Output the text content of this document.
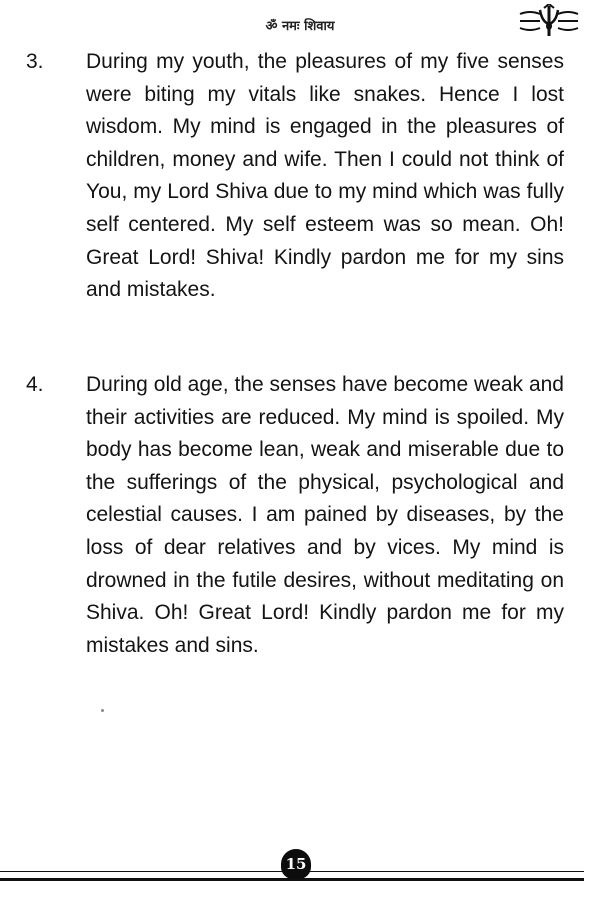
ॐ नमः शिवाय
3. During my youth, the pleasures of my five senses were biting my vitals like snakes. Hence I lost wisdom. My mind is engaged in the pleasures of children, money and wife. Then I could not think of You, my Lord Shiva due to my mind which was fully self centered. My self esteem was so mean. Oh! Great Lord! Shiva! Kindly pardon me for my sins and mistakes.

4. During old age, the senses have become weak and their activities are reduced. My mind is spoiled. My body has become lean, weak and miserable due to the sufferings of the physical, psychological and celestial causes. I am pained by diseases, by the loss of dear relatives and by vices. My mind is drowned in the futile desires, without meditating on Shiva. Oh! Great Lord! Kindly pardon me for my mistakes and sins.

15
